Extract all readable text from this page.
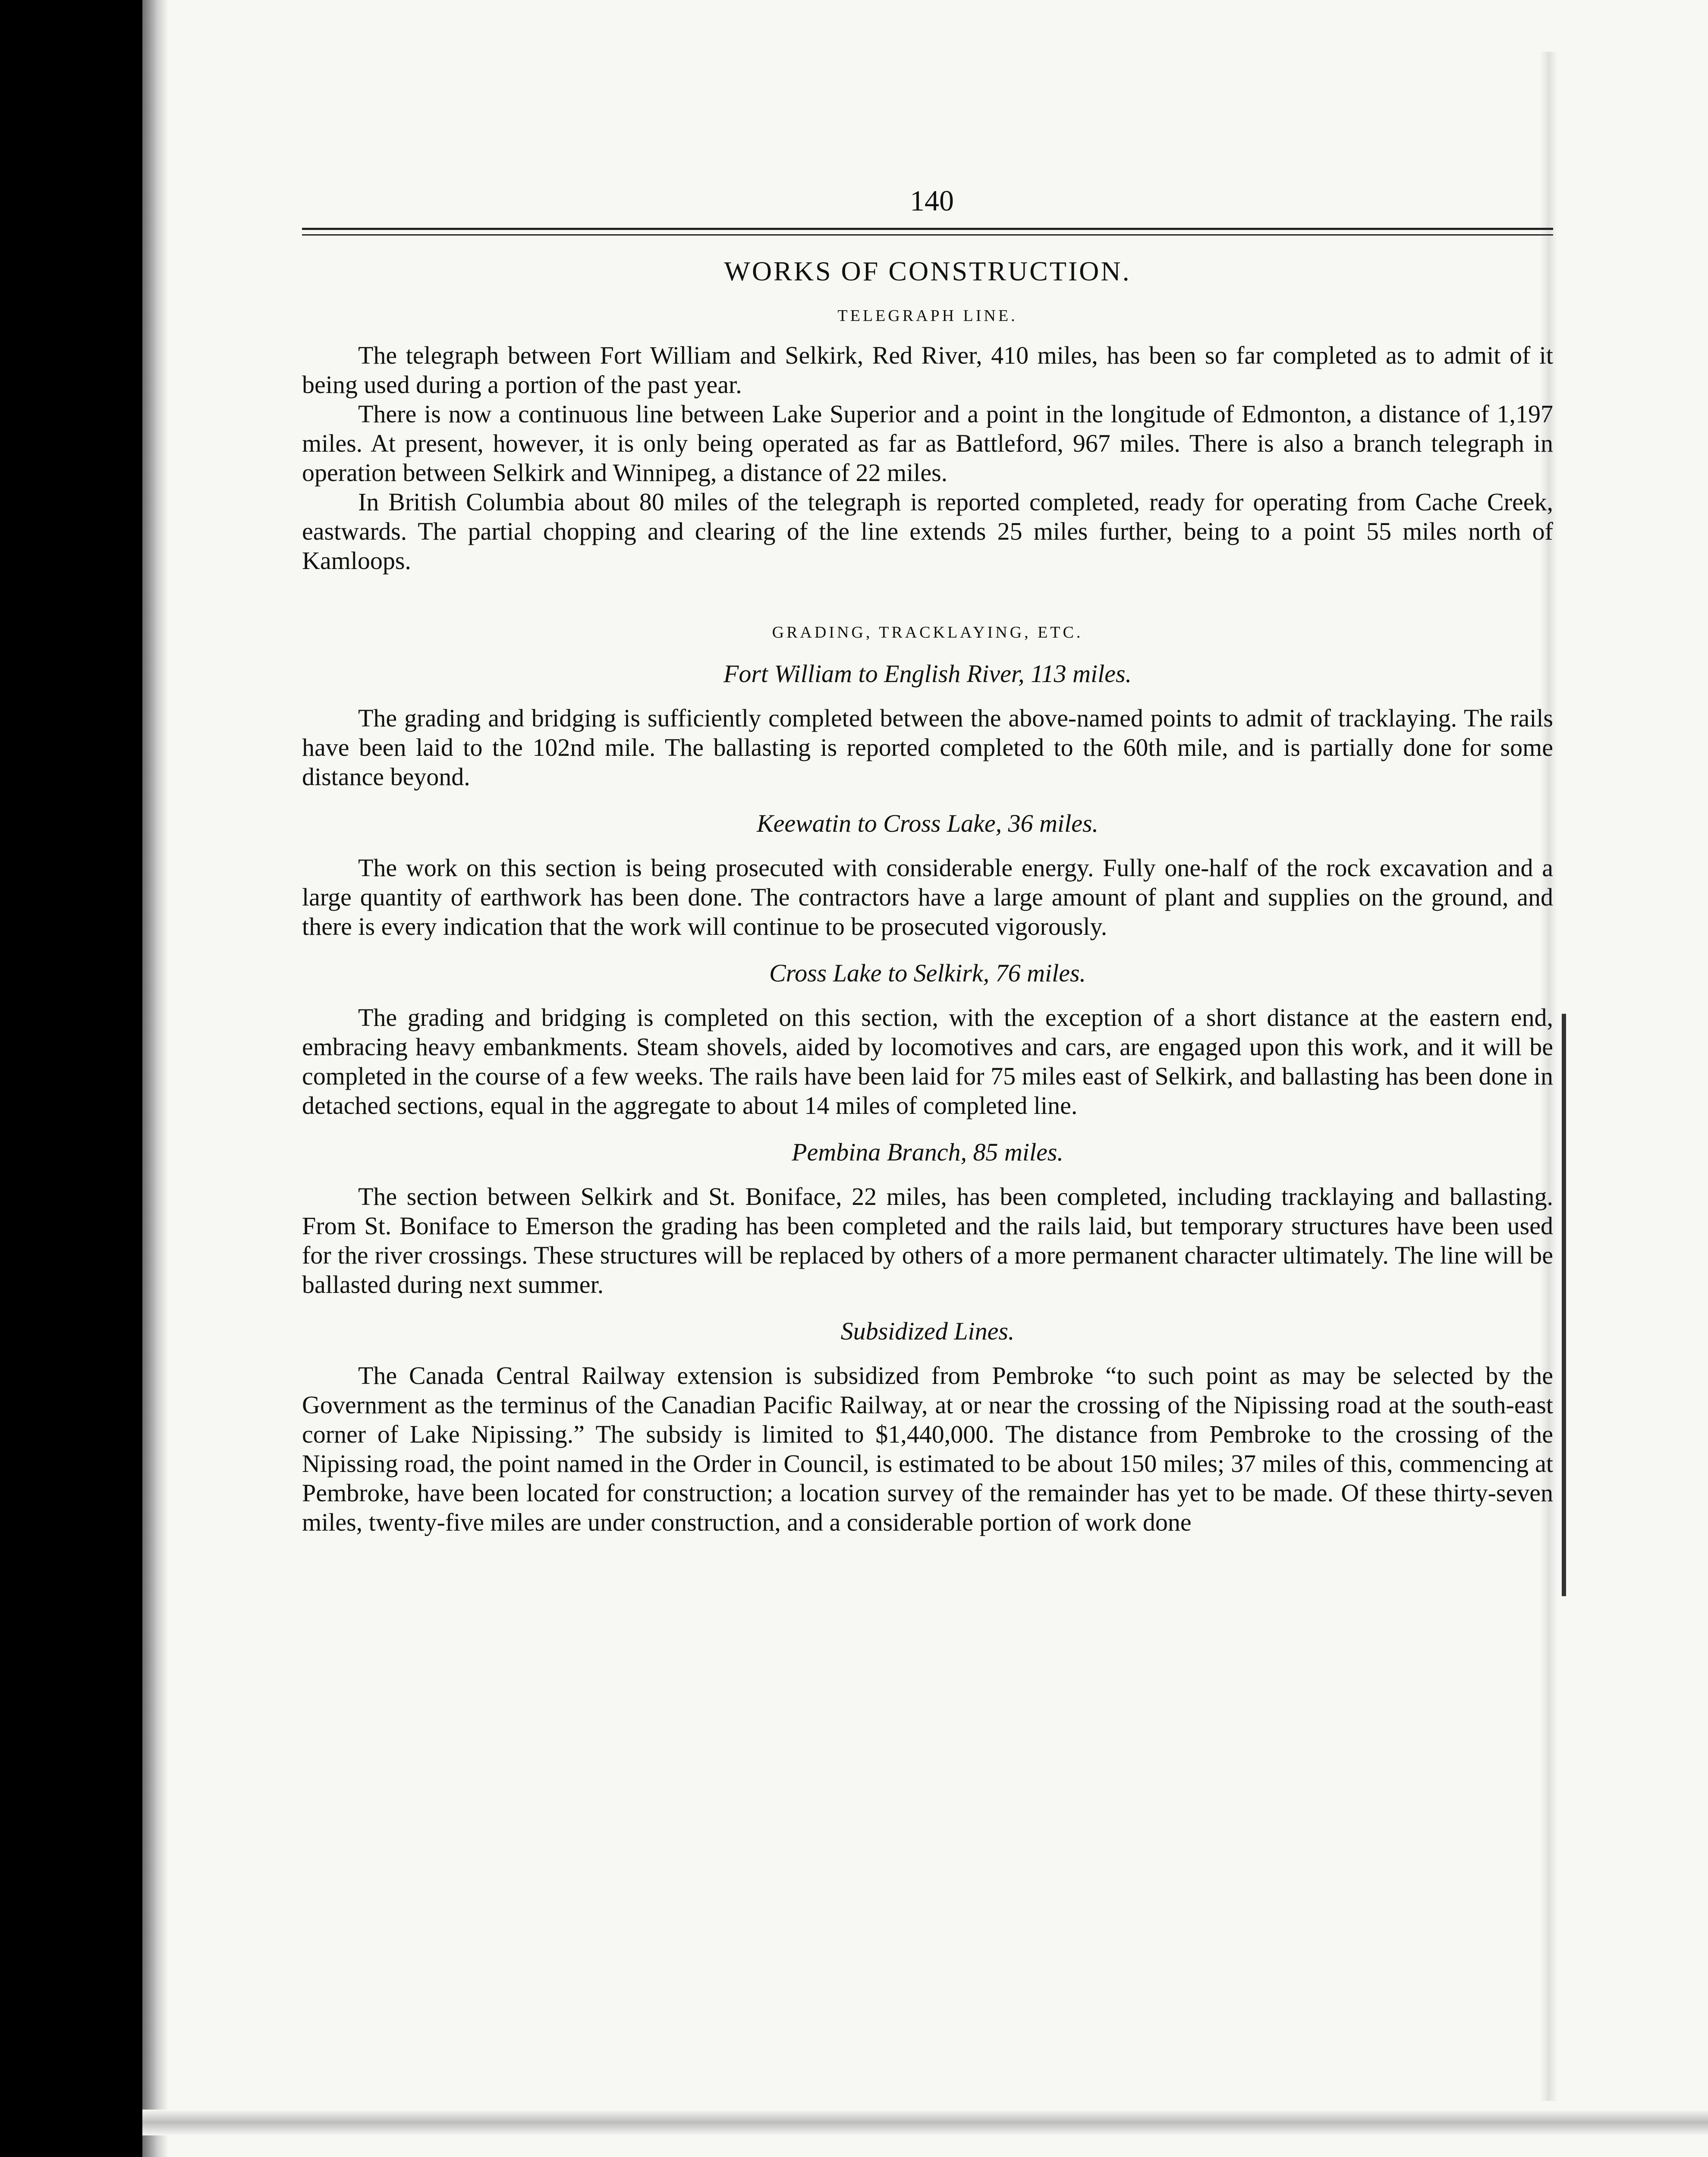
140
WORKS OF CONSTRUCTION.
TELEGRAPH LINE.

The telegraph between Fort William and Selkirk, Red River, 410 miles, has been so far completed as to admit of it being used during a portion of the past year.

There is now a continuous line between Lake Superior and a point in the longitude of Edmonton, a distance of 1,197 miles. At present, however, it is only being operated as far as Battleford, 967 miles. There is also a branch telegraph in operation between Selkirk and Winnipeg, a distance of 22 miles.

In British Columbia about 80 miles of the telegraph is reported completed, ready for operating from Cache Creek, eastwards. The partial chopping and clearing of the line extends 25 miles further, being to a point 55 miles north of Kamloops.

GRADING, TRACKLAYING, ETC.
Fort William to English River, 113 miles.

The grading and bridging is sufficiently completed between the above-named points to admit of tracklaying. The rails have been laid to the 102nd mile. The ballasting is reported completed to the 60th mile, and is partially done for some distance beyond.

Keewatin to Cross Lake, 36 miles.

The work on this section is being prosecuted with considerable energy. Fully one-half of the rock excavation and a large quantity of earthwork has been done. The contractors have a large amount of plant and supplies on the ground, and there is every indication that the work will continue to be prosecuted vigorously.

Cross Lake to Selkirk, 76 miles.

The grading and bridging is completed on this section, with the exception of a short distance at the eastern end, embracing heavy embankments. Steam shovels, aided by locomotives and cars, are engaged upon this work, and it will be completed in the course of a few weeks. The rails have been laid for 75 miles east of Selkirk, and ballasting has been done in detached sections, equal in the aggregate to about 14 miles of completed line.

Pembina Branch, 85 miles.

The section between Selkirk and St. Boniface, 22 miles, has been completed, including tracklaying and ballasting. From St. Boniface to Emerson the grading has been completed and the rails laid, but temporary structures have been used for the river crossings. These structures will be replaced by others of a more permanent character ultimately. The line will be ballasted during next summer.

Subsidized Lines.

The Canada Central Railway extension is subsidized from Pembroke “to such point as may be selected by the Government as the terminus of the Canadian Pacific Railway, at or near the crossing of the Nipissing road at the south-east corner of Lake Nipissing.” The subsidy is limited to $1,440,000. The distance from Pembroke to the crossing of the Nipissing road, the point named in the Order in Council, is estimated to be about 150 miles; 37 miles of this, commencing at Pembroke, have been located for construction; a location survey of the remainder has yet to be made. Of these thirty-seven miles, twenty-five miles are under construction, and a considerable portion of work done
